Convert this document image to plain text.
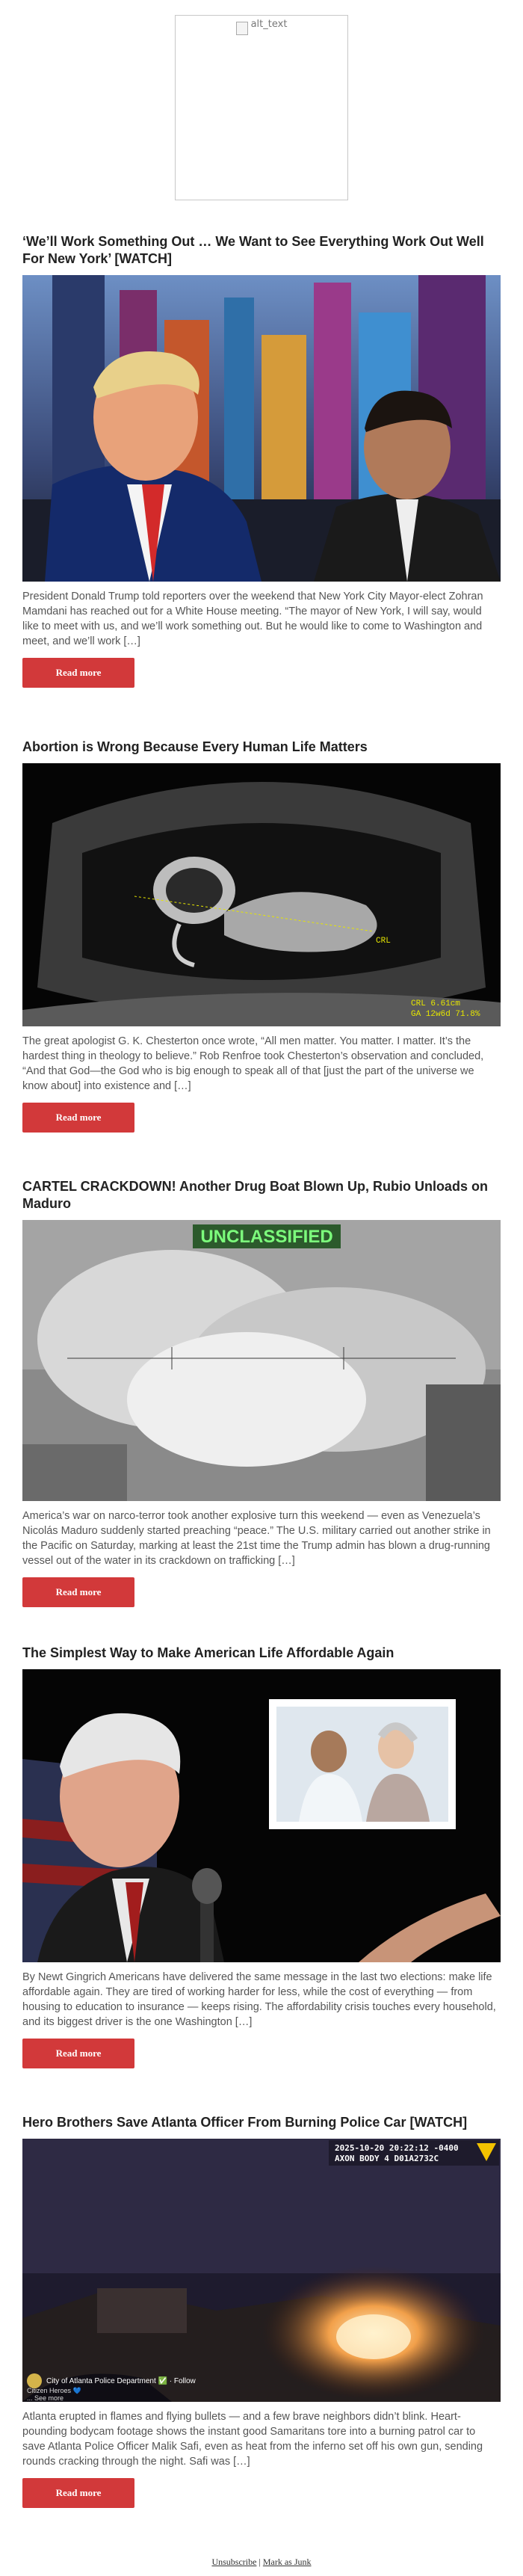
alt_text
‘We’ll Work Something Out … We Want to See Everything Work Out Well For New York’ [WATCH]

President Donald Trump told reporters over the weekend that New York City Mayor-elect Zohran Mamdani has reached out for a White House meeting. “The mayor of New York, I will say, would like to meet with us, and we’ll work something out. But he would like to come to Washington and meet, and we’ll work […]

Read more
Abortion is Wrong Because Every Human Life Matters
CRL
CRL 6.61cm
GA 12w6d 71.8%

The great apologist G. K. Chesterton once wrote, “All men matter. You matter. I matter. It’s the hardest thing in theology to believe.” Rob Renfroe took Chesterton’s observation and concluded, “And that God—the God who is big enough to speak all of that [just the part of the universe we know about] into existence and […]

Read more
CARTEL CRACKDOWN! Another Drug Boat Blown Up, Rubio Unloads on Maduro
UNCLASSIFIED

America’s war on narco-terror took another explosive turn this weekend — even as Venezuela’s Nicolás Maduro suddenly started preaching “peace.” The U.S. military carried out another strike in the Pacific on Saturday, marking at least the 21st time the Trump admin has blown a drug-running vessel out of the water in its crackdown on trafficking […]

Read more
The Simplest Way to Make American Life Affordable Again

By Newt Gingrich Americans have delivered the same message in the last two elections: make life affordable again. They are tired of working harder for less, while the cost of everything — from housing to education to insurance — keeps rising. The affordability crisis touches every household, and its biggest driver is the one Washington […]

Read more
Hero Brothers Save Atlanta Officer From Burning Police Car [WATCH]
2025-10-20 20:22:12 -0400
AXON BODY 4 D01A2732C
City of Atlanta Police Department ✅ · Follow
Citizen Heroes 💙
... See more

Atlanta erupted in flames and flying bullets — and a few brave neighbors didn’t blink. Heart-pounding bodycam footage shows the instant good Samaritans tore into a burning patrol car to save Atlanta Police Officer Malik Safi, even as heat from the inferno set off his own gun, sending rounds cracking through the night. Safi was […]

Read more
Unsubscribe | Mark as Junk
